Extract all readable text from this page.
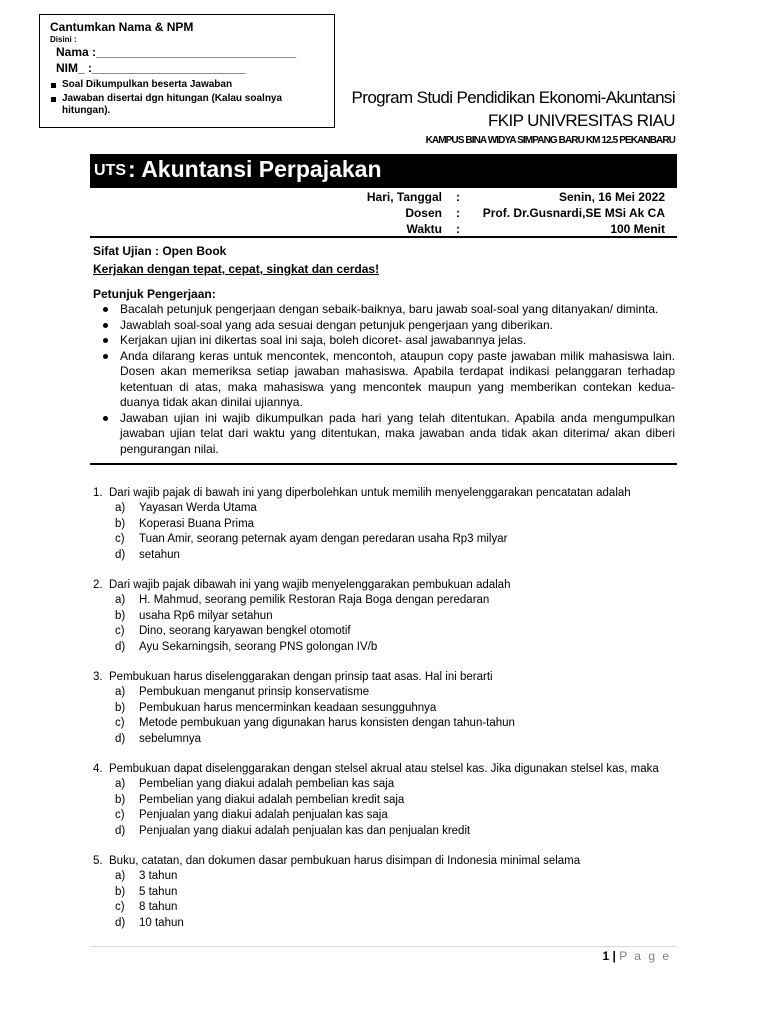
Cantumkan Nama & NPM
Disini :
Nama :______________________________
NIM_ :_______________________
Soal Dikumpulkan beserta Jawaban
Jawaban disertai dgn hitungan (Kalau soalnya hitungan).
Program Studi Pendidikan Ekonomi-Akuntansi
FKIP UNIVRESITAS RIAU
KAMPUS BINA WIDYA SIMPANG BARU KM 12.5 PEKANBARU
UTS : Akuntansi Perpajakan
Hari, Tanggal
Dosen
Waktu
:
:
:
Senin, 16 Mei 2022
Prof. Dr.Gusnardi,SE MSi Ak CA
100 Menit
Sifat Ujian : Open Book
Kerjakan dengan tepat, cepat, singkat dan cerdas!
Petunjuk Pengerjaan:
Bacalah petunjuk pengerjaan dengan sebaik-baiknya, baru jawab soal-soal yang ditanyakan/ diminta.
Jawablah soal-soal yang ada sesuai dengan petunjuk pengerjaan yang diberikan.
Kerjakan ujian ini dikertas soal ini saja, boleh dicoret- asal jawabannya jelas.
Anda dilarang keras untuk mencontek, mencontoh, ataupun copy paste jawaban milik mahasiswa lain. Dosen akan memeriksa setiap jawaban mahasiswa. Apabila terdapat indikasi pelanggaran terhadap ketentuan di atas, maka mahasiswa yang mencontek maupun yang memberikan contekan kedua-duanya tidak akan dinilai ujiannya.
Jawaban ujian ini wajib dikumpulkan pada hari yang telah ditentukan. Apabila anda mengumpulkan jawaban ujian telat dari waktu yang ditentukan, maka jawaban anda tidak akan diterima/ akan diberi pengurangan nilai.
1. Dari wajib pajak di bawah ini yang diperbolehkan untuk memilih menyelenggarakan pencatatan adalah
a) Yayasan Werda Utama
b) Koperasi Buana Prima
c) Tuan Amir, seorang peternak ayam dengan peredaran usaha Rp3 milyar
d) setahun
2. Dari wajib pajak dibawah ini yang wajib menyelenggarakan pembukuan adalah
a) H. Mahmud, seorang pemilik Restoran Raja Boga dengan peredaran
b) usaha Rp6 milyar setahun
c) Dino, seorang karyawan bengkel otomotif
d) Ayu Sekarningsih, seorang PNS golongan IV/b
3. Pembukuan harus diselenggarakan dengan prinsip taat asas. Hal ini berarti
a) Pembukuan menganut prinsip konservatisme
b) Pembukuan harus mencerminkan keadaan sesungguhnya
c) Metode pembukuan yang digunakan harus konsisten dengan tahun-tahun
d) sebelumnya
4. Pembukuan dapat diselenggarakan dengan stelsel akrual atau stelsel kas. Jika digunakan stelsel kas, maka
a) Pembelian yang diakui adalah pembelian kas saja
b) Pembelian yang diakui adalah pembelian kredit saja
c) Penjualan yang diakui adalah penjualan kas saja
d) Penjualan yang diakui adalah penjualan kas dan penjualan kredit
5. Buku, catatan, dan dokumen dasar pembukuan harus disimpan di Indonesia minimal selama
a) 3 tahun
b) 5 tahun
c) 8 tahun
d) 10 tahun
1 | P a g e
